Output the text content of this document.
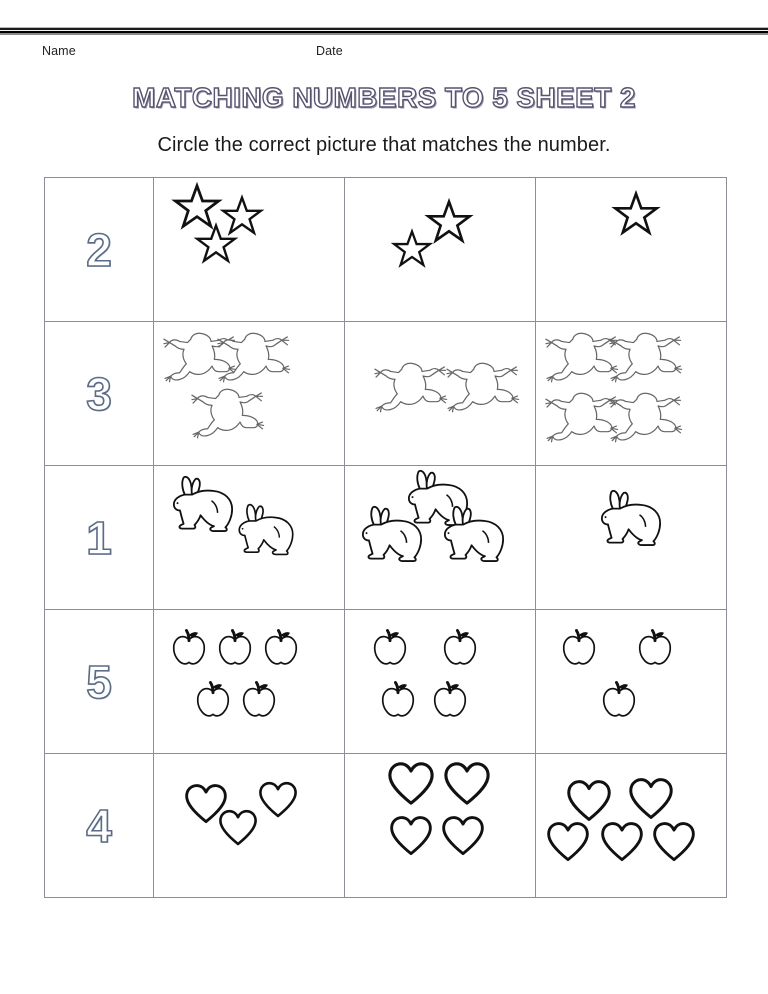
Name	Date
MATCHING NUMBERS TO 5 SHEET 2
Circle the correct picture that matches the number.
2

3

1

5

4
